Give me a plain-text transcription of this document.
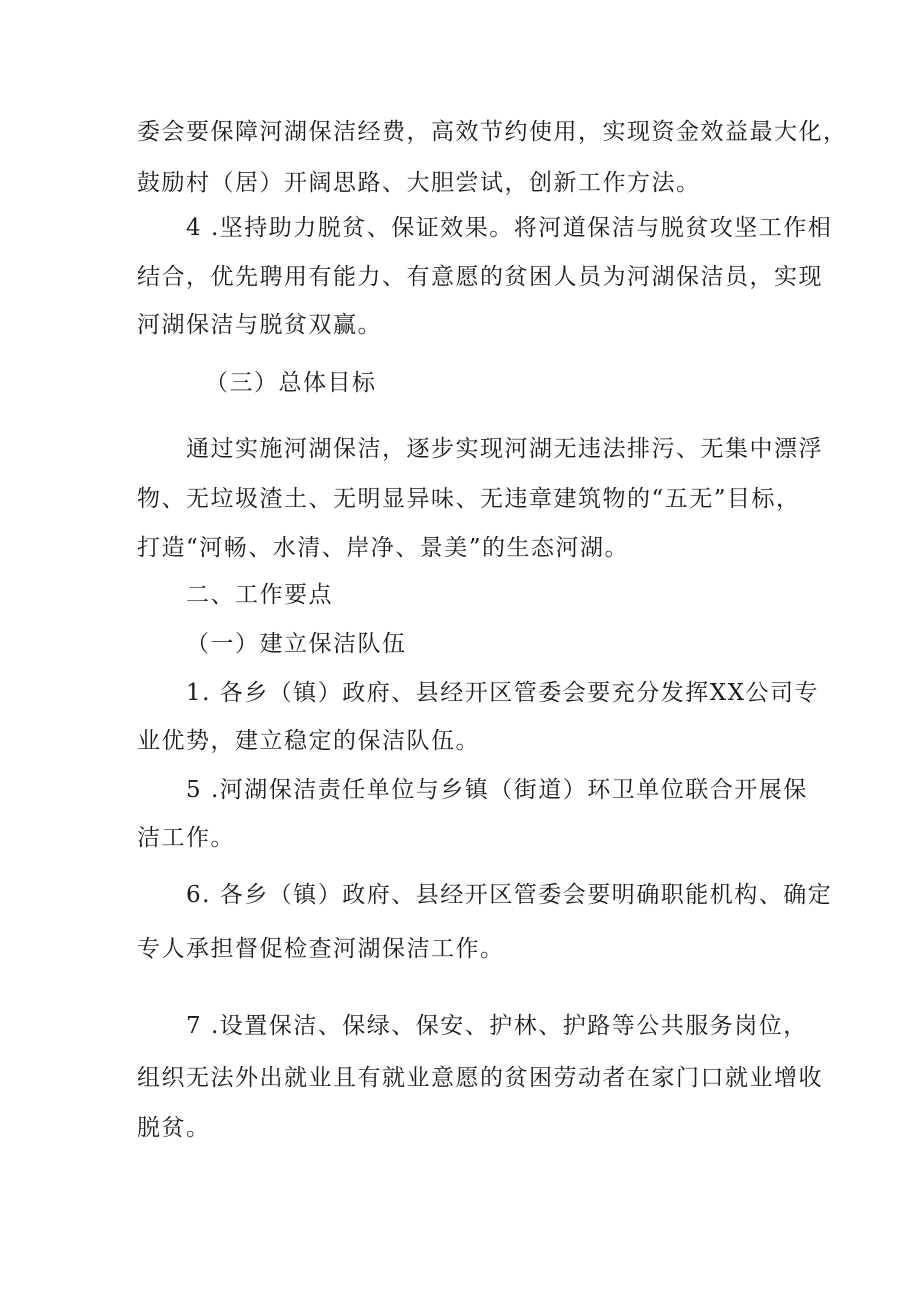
委会要保障河湖保洁经费，高效节约使用，实现资金效益最大化，
鼓励村（居）开阔思路、大胆尝试，创新工作方法。
4 .坚持助力脱贫、保证效果。将河道保洁与脱贫攻坚工作相
结合，优先聘用有能力、有意愿的贫困人员为河湖保洁员，实现
河湖保洁与脱贫双赢。
（三）总体目标
通过实施河湖保洁，逐步实现河湖无违法排污、无集中漂浮
物、无垃圾渣土、无明显异味、无违章建筑物的“五无”目标，
打造“河畅、水清、岸净、景美”的生态河湖。
二、工作要点
（一）建立保洁队伍
1. 各乡（镇）政府、县经开区管委会要充分发挥XX公司专
业优势，建立稳定的保洁队伍。
5 .河湖保洁责任单位与乡镇（街道）环卫单位联合开展保
洁工作。
6. 各乡（镇）政府、县经开区管委会要明确职能机构、确定
专人承担督促检查河湖保洁工作。
7 .设置保洁、保绿、保安、护林、护路等公共服务岗位，
组织无法外出就业且有就业意愿的贫困劳动者在家门口就业增收
脱贫。
